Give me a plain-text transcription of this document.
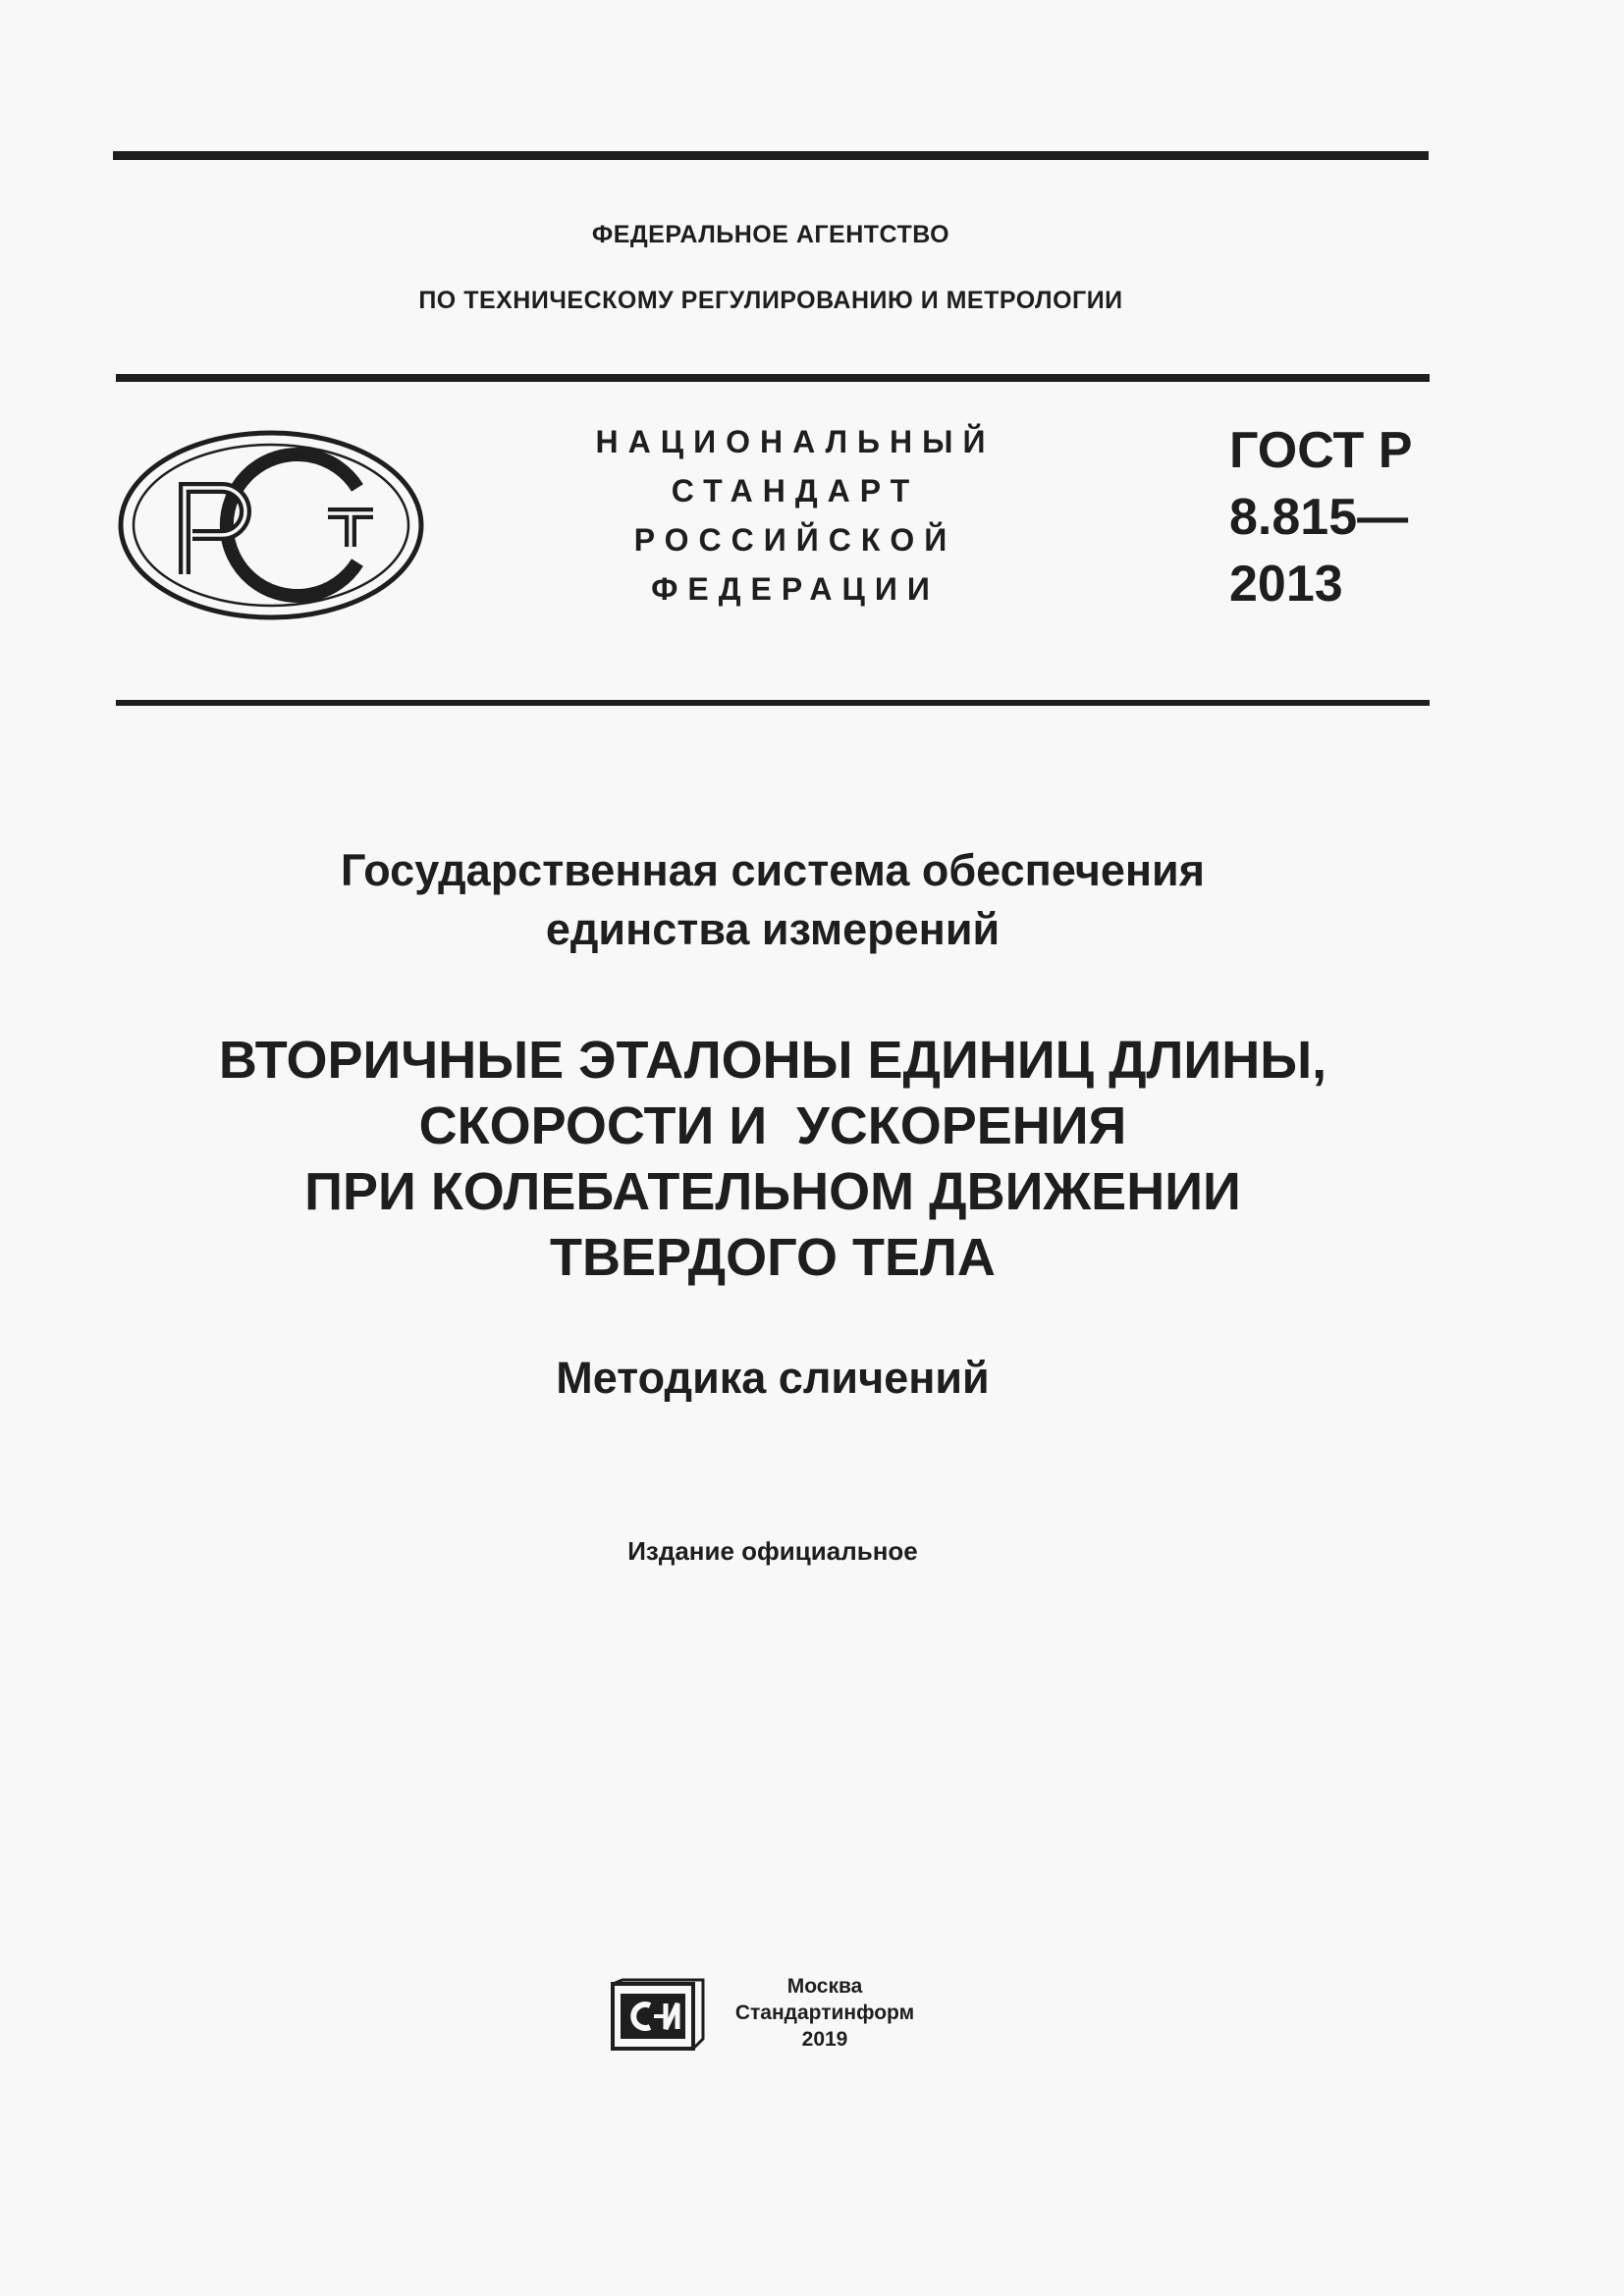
ФЕДЕРАЛЬНОЕ АГЕНТСТВО
ПО ТЕХНИЧЕСКОМУ РЕГУЛИРОВАНИЮ И МЕТРОЛОГИИ
НАЦИОНАЛЬНЫЙ
СТАНДАРТ
РОССИЙСКОЙ
ФЕДЕРАЦИИ
ГОСТ Р
8.815—
2013
Государственная система обеспечения
единства измерений
ВТОРИЧНЫЕ ЭТАЛОНЫ ЕДИНИЦ ДЛИНЫ,
СКОРОСТИ И  УСКОРЕНИЯ
ПРИ КОЛЕБАТЕЛЬНОМ ДВИЖЕНИИ
ТВЕРДОГО ТЕЛА
Методика сличений
Издание официальное
Москва
Стандартинформ
2019
